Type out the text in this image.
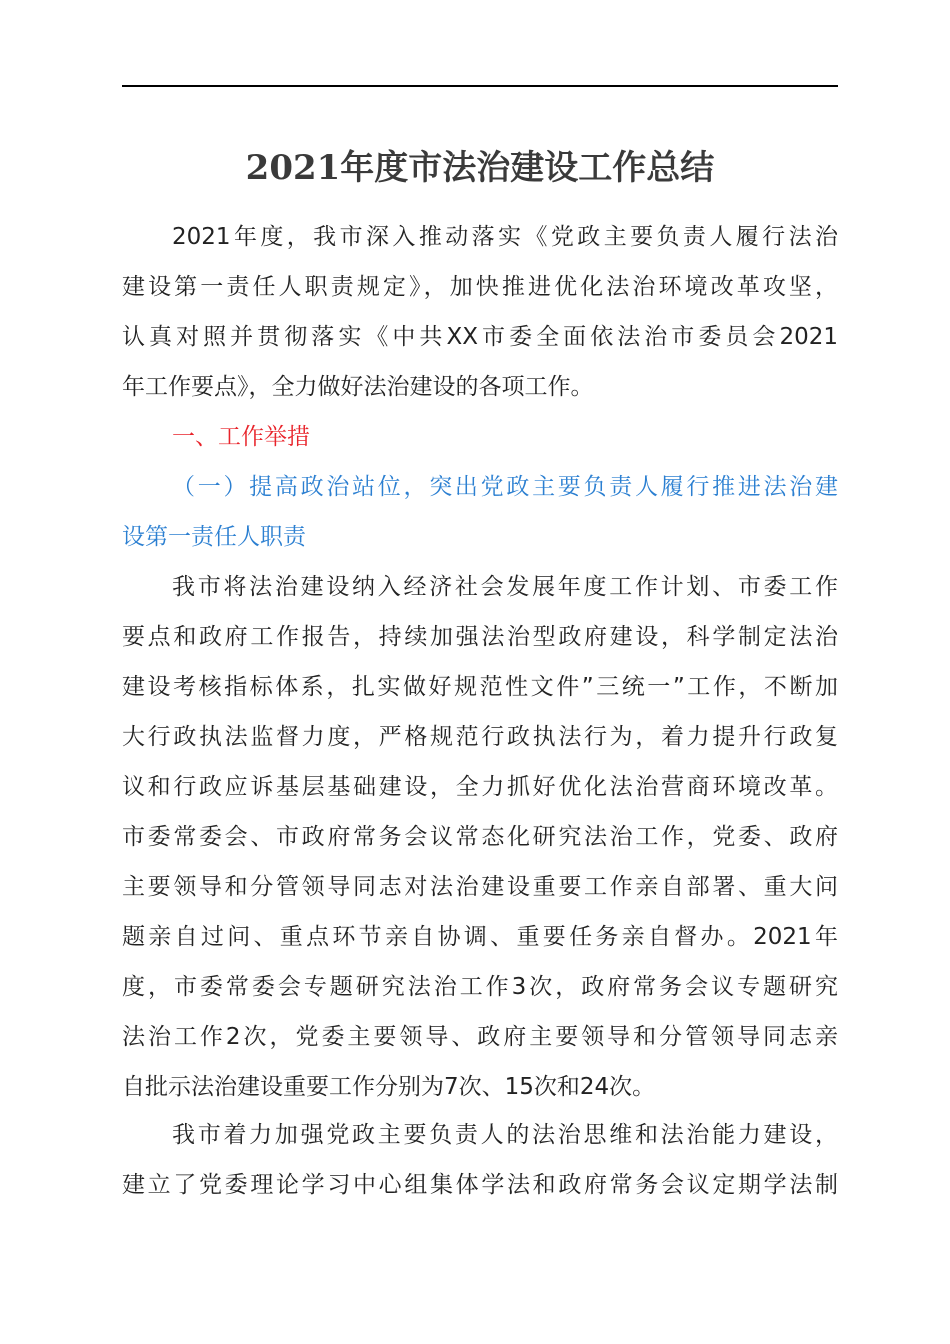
2021年度市法治建设工作总结
2021年度，我市深入推动落实《党政主要负责人履行法治
建设第一责任人职责规定》，加快推进优化法治环境改革攻坚，
认真对照并贯彻落实《中共XX市委全面依法治市委员会2021
年工作要点》，全力做好法治建设的各项工作。
一、工作举措
（一）提高政治站位，突出党政主要负责人履行推进法治建
设第一责任人职责
我市将法治建设纳入经济社会发展年度工作计划、市委工作
要点和政府工作报告，持续加强法治型政府建设，科学制定法治
建设考核指标体系，扎实做好规范性文件”三统一”工作，不断加
大行政执法监督力度，严格规范行政执法行为，着力提升行政复
议和行政应诉基层基础建设，全力抓好优化法治营商环境改革。
市委常委会、市政府常务会议常态化研究法治工作，党委、政府
主要领导和分管领导同志对法治建设重要工作亲自部署、重大问
题亲自过问、重点环节亲自协调、重要任务亲自督办。2021年
度，市委常委会专题研究法治工作3次，政府常务会议专题研究
法治工作2次，党委主要领导、政府主要领导和分管领导同志亲
自批示法治建设重要工作分别为7次、15次和24次。
我市着力加强党政主要负责人的法治思维和法治能力建设，
建立了党委理论学习中心组集体学法和政府常务会议定期学法制
